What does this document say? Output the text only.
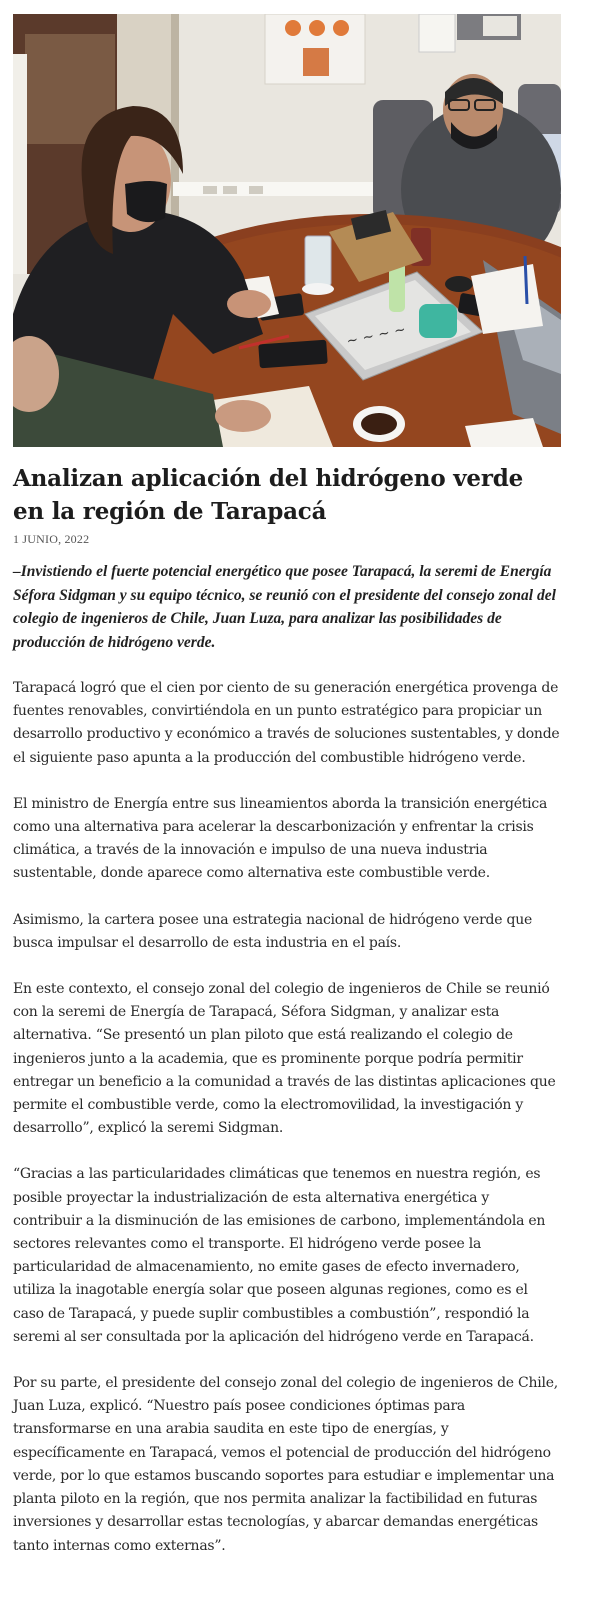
~ ~ ~ ~
Analizan aplicación del hidrógeno verde en la región de Tarapacá
1 JUNIO, 2022
–Invistiendo el fuerte potencial energético que posee Tarapacá, la seremi de Energía Séfora Sidgman y su equipo técnico, se reunió con el presidente del consejo zonal del colegio de ingenieros de Chile, Juan Luza, para analizar las posibilidades de producción de hidrógeno verde.
Tarapacá logró que el cien por ciento de su generación energética provenga de fuentes renovables, convirtiéndola en un punto estratégico para propiciar un desarrollo productivo y económico a través de soluciones sustentables, y donde el siguiente paso apunta a la producción del combustible hidrógeno verde.
El ministro de Energía entre sus lineamientos aborda la transición energética como una alternativa para acelerar la descarbonización y enfrentar la crisis climática, a través de la innovación e impulso de una nueva industria sustentable, donde aparece como alternativa este combustible verde.
Asimismo, la cartera posee una estrategia nacional de hidrógeno verde que busca impulsar el desarrollo de esta industria en el país.
En este contexto, el consejo zonal del colegio de ingenieros de Chile se reunió con la seremi de Energía de Tarapacá, Séfora Sidgman, y analizar esta alternativa. “Se presentó un plan piloto que está realizando el colegio de ingenieros junto a la academia, que es prominente porque podría permitir entregar un beneficio a la comunidad a través de las distintas aplicaciones que permite el combustible verde, como la electromovilidad, la investigación y desarrollo”, explicó la seremi Sidgman.
“Gracias a las particularidades climáticas que tenemos en nuestra región, es posible proyectar la industrialización de esta alternativa energética y contribuir a la disminución de las emisiones de carbono, implementándola en sectores relevantes como el transporte. El hidrógeno verde posee la particularidad de almacenamiento, no emite gases de efecto invernadero, utiliza la inagotable energía solar que poseen algunas regiones, como es el caso de Tarapacá, y puede suplir combustibles a combustión”, respondió la seremi al ser consultada por la aplicación del hidrógeno verde en Tarapacá.
Por su parte, el presidente del consejo zonal del colegio de ingenieros de Chile, Juan Luza, explicó. “Nuestro país posee condiciones óptimas para transformarse en una arabia saudita en este tipo de energías, y específicamente en Tarapacá, vemos el potencial de producción del hidrógeno verde, por lo que estamos buscando soportes para estudiar e implementar una planta piloto en la región, que nos permita analizar la factibilidad en futuras inversiones y desarrollar estas tecnologías, y abarcar demandas energéticas tanto internas como externas”.
